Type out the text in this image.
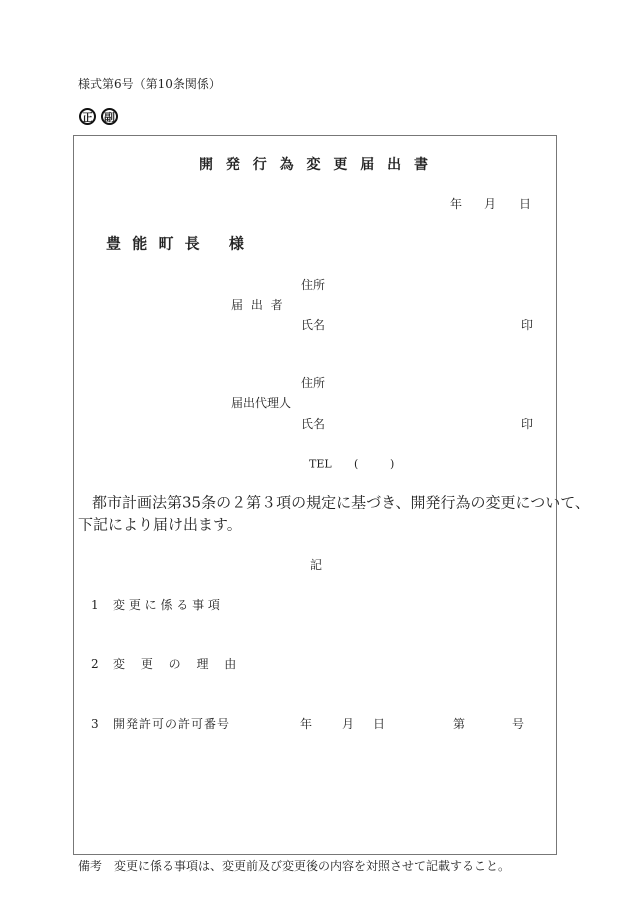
様式第6号（第10条関係）
正 副
開 発 行 為 変 更 届 出 書
年 月 日
豊 能 町 長　 様
住所
届 出 者
氏名	印
住所
届出代理人
氏名	印
TEL (	)
都市計画法第35条の２第３項の規定に基づき、開発行為の変更について、
下記により届け出ます。
記
1 変 更 に 係 る 事 項
2 変　 更　 の　 理　 由
3 開発許可の許可番号	年 月 日	第	号
備考　変更に係る事項は、変更前及び変更後の内容を対照させて記載すること。
